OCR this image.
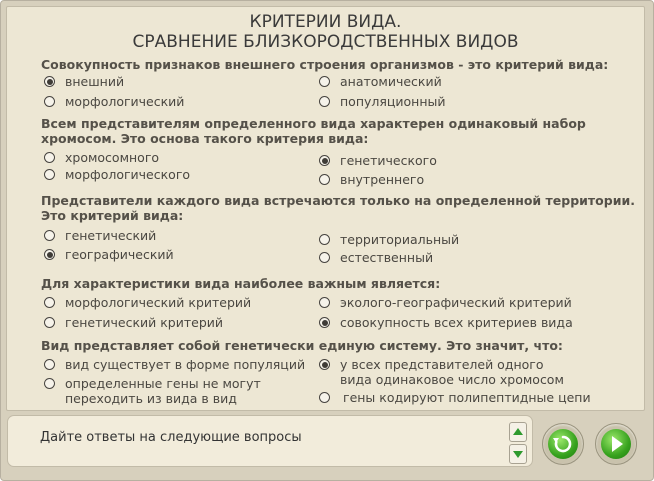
КРИТЕРИИ ВИДА.
СРАВНЕНИЕ БЛИЗКОРОДСТВЕННЫХ ВИДОВ
Совокупность признаков внешнего строения организмов - это критерий вида:
внешний
морфологический
анатомический
популяционный
Всем представителям определенного вида характерен одинаковый набор хромосом. Это основа такого критерия вида:
хромосомного
морфологического
генетического
внутреннего
Представители каждого вида встречаются только на определенной территории. Это критерий вида:
генетический
географический
территориальный
естественный
Для характеристики вида наиболее важным является:
морфологический критерий
генетический критерий
эколого-географический критерий
совокупность всех критериев вида
Вид представляет собой генетически единую систему. Это значит, что:
вид существует в форме популяций
определенные гены не могут переходить из вида в вид
у всех представителей одного вида одинаковое число хромосом
гены кодируют полипептидные цепи
Дайте ответы на следующие вопросы
